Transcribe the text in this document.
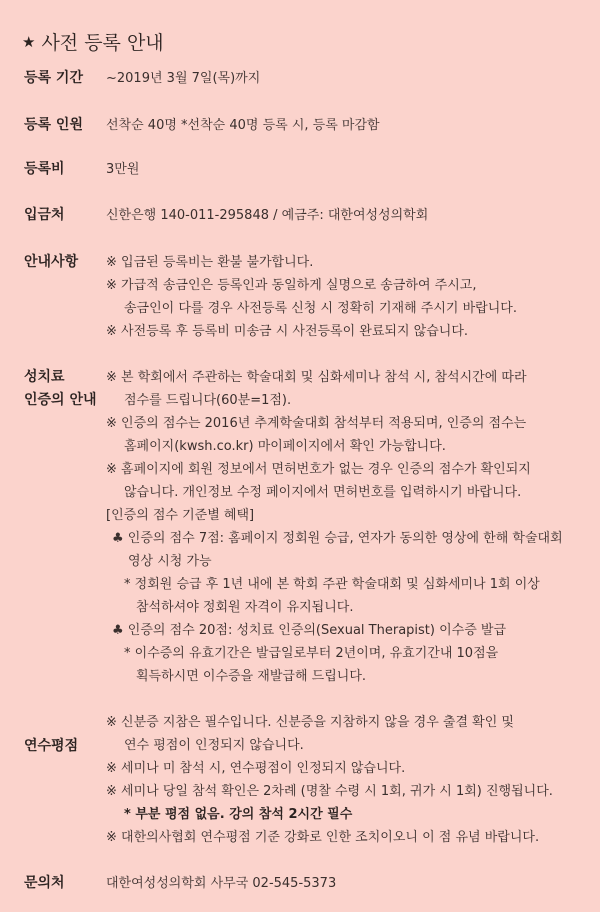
★ 사전 등록 안내
등록 기간 ~2019년 3월 7일(목)까지
등록 인원 선착순 40명 *선착순 40명 등록 시, 등록 마감함
등록비	3만원
입금처	신한은행 140-011-295848 / 예금주: 대한여성성의학회
안내사항 ※ 입금된 등록비는 환불 불가합니다.
※ 가급적 송금인은 등록인과 동일하게 실명으로 송금하여 주시고,
송금인이 다를 경우 사전등록 신청 시 정확히 기재해 주시기 바랍니다.
※ 사전등록 후 등록비 미송금 시 사전등록이 완료되지 않습니다.
성치료
인증의 안내
※ 본 학회에서 주관하는 학술대회 및 심화세미나 참석 시, 참석시간에 따라
점수를 드립니다(60분=1점).
※ 인증의 점수는 2016년 추계학술대회 참석부터 적용되며, 인증의 점수는
홈페이지(kwsh.co.kr) 마이페이지에서 확인 가능합니다.
※ 홈페이지에 회원 정보에서 면허번호가 없는 경우 인증의 점수가 확인되지
않습니다. 개인정보 수정 페이지에서 면허번호를 입력하시기 바랍니다.
[인증의 점수 기준별 혜택]
♣ 인증의 점수 7점: 홈페이지 정회원 승급, 연자가 동의한 영상에 한해 학술대회
영상 시청 가능
* 정회원 승급 후 1년 내에 본 학회 주관 학술대회 및 심화세미나 1회 이상
참석하셔야 정회원 자격이 유지됩니다.
♣ 인증의 점수 20점: 성치료 인증의(Sexual Therapist) 이수증 발급
* 이수증의 유효기간은 발급일로부터 2년이며, 유효기간내 10점을
획득하시면 이수증을 재발급해 드립니다.
연수평점
※ 신분증 지참은 필수입니다. 신분증을 지참하지 않을 경우 출결 확인 및
연수 평점이 인정되지 않습니다.
※ 세미나 미 참석 시, 연수평점이 인정되지 않습니다.
※ 세미나 당일 참석 확인은 2차례 (명찰 수령 시 1회, 귀가 시 1회) 진행됩니다.
* 부분 평점 없음. 강의 참석 2시간 필수
※ 대한의사협회 연수평점 기준 강화로 인한 조치이오니 이 점 유념 바랍니다.
문의처	대한여성성의학회 사무국 02-545-5373
